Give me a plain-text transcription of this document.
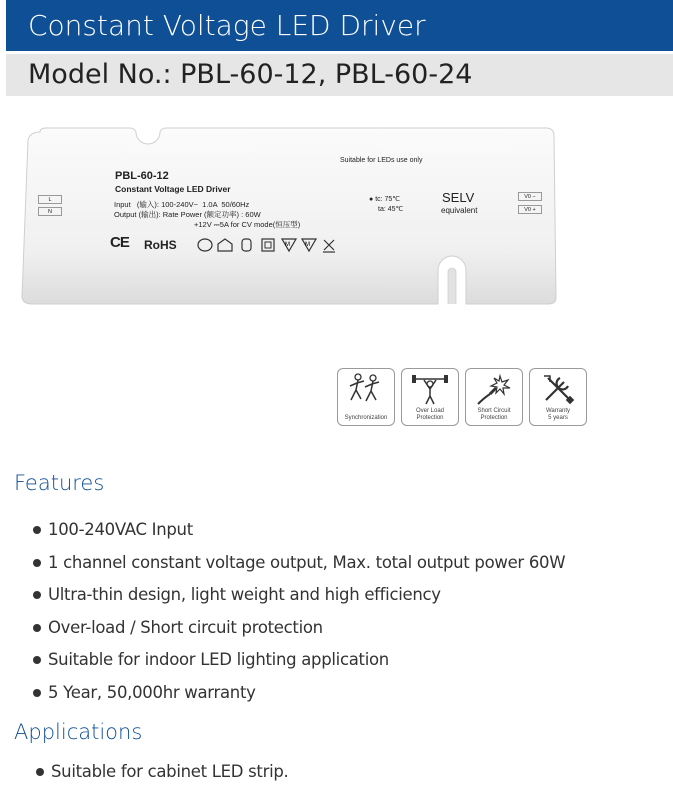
Constant Voltage LED Driver
Model No.: PBL-60-12, PBL-60-24
Suitable for LEDs use only
PBL-60-12
Constant Voltage LED Driver
Input   (输入): 100-240V~  1.0A  50/60Hz
Output (输出): Rate Power (额定功率) : 60W
+12V ⎓5A for CV mode(恒压型)
● tc: 75℃
ta: 45℃
SELV
equivalent
L
N
V0 −
V0 +
CE RoHS	M	M
Synchronization
Over Load
Protection
Short Circuit
Protection
Warranty
5 years
Features
100-240VAC Input
1 channel constant voltage output, Max. total output power 60W
Ultra-thin design, light weight and high efficiency
Over-load / Short circuit protection
Suitable for indoor LED lighting application
5 Year, 50,000hr warranty
Applications
Suitable for cabinet LED strip.
